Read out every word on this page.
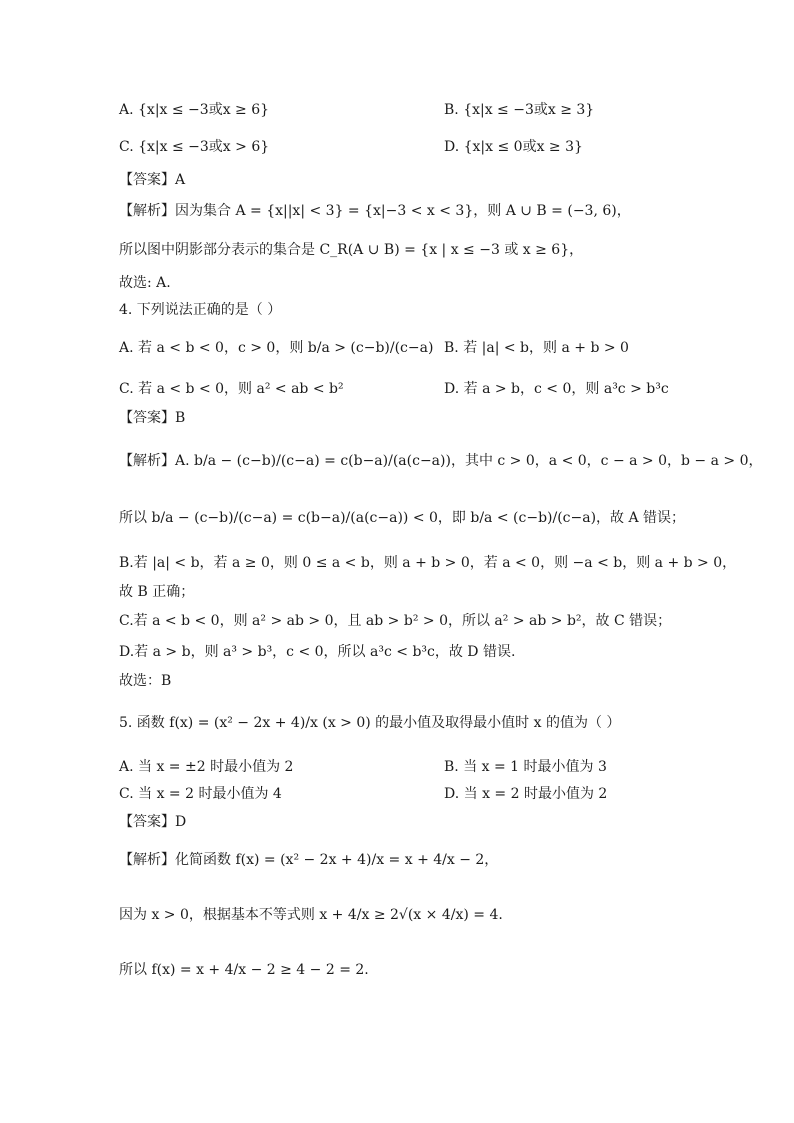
A. {x|x ≤ −3或x ≥ 6}	B. {x|x ≤ −3或x ≥ 3}
C. {x|x ≤ −3或x > 6}	D. {x|x ≤ 0或x ≥ 3}
【答案】A
【解析】因为集合 A = {x||x| < 3} = {x|−3 < x < 3}，则 A ∪ B = (−3, 6)，
所以图中阴影部分表示的集合是 C_R(A ∪ B) = {x | x ≤ −3 或 x ≥ 6}，
故选: A.
4. 下列说法正确的是（ ）
A. 若 a < b < 0，c > 0，则 b/a > (c−b)/(c−a) B. 若 |a| < b，则 a + b > 0
C. 若 a < b < 0，则 a² < ab < b²	D. 若 a > b，c < 0，则 a³c > b³c
【答案】B
【解析】A. b/a − (c−b)/(c−a) = c(b−a)/(a(c−a))，其中 c > 0，a < 0，c − a > 0，b − a > 0，
所以 b/a − (c−b)/(c−a) = c(b−a)/(a(c−a)) < 0，即 b/a < (c−b)/(c−a)，故 A 错误；
B.若 |a| < b，若 a ≥ 0，则 0 ≤ a < b，则 a + b > 0，若 a < 0，则 −a < b，则 a + b > 0，
故 B 正确；
C.若 a < b < 0，则 a² > ab > 0，且 ab > b² > 0，所以 a² > ab > b²，故 C 错误；
D.若 a > b，则 a³ > b³，c < 0，所以 a³c < b³c，故 D 错误.
故选：B
5. 函数 f(x) = (x² − 2x + 4)/x (x > 0) 的最小值及取得最小值时 x 的值为（ ）
A. 当 x = ±2 时最小值为 2	B. 当 x = 1 时最小值为 3
C. 当 x = 2 时最小值为 4	D. 当 x = 2 时最小值为 2
【答案】D
【解析】化简函数 f(x) = (x² − 2x + 4)/x = x + 4/x − 2，
因为 x > 0，根据基本不等式则 x + 4/x ≥ 2√(x × 4/x) = 4.
所以 f(x) = x + 4/x − 2 ≥ 4 − 2 = 2.
